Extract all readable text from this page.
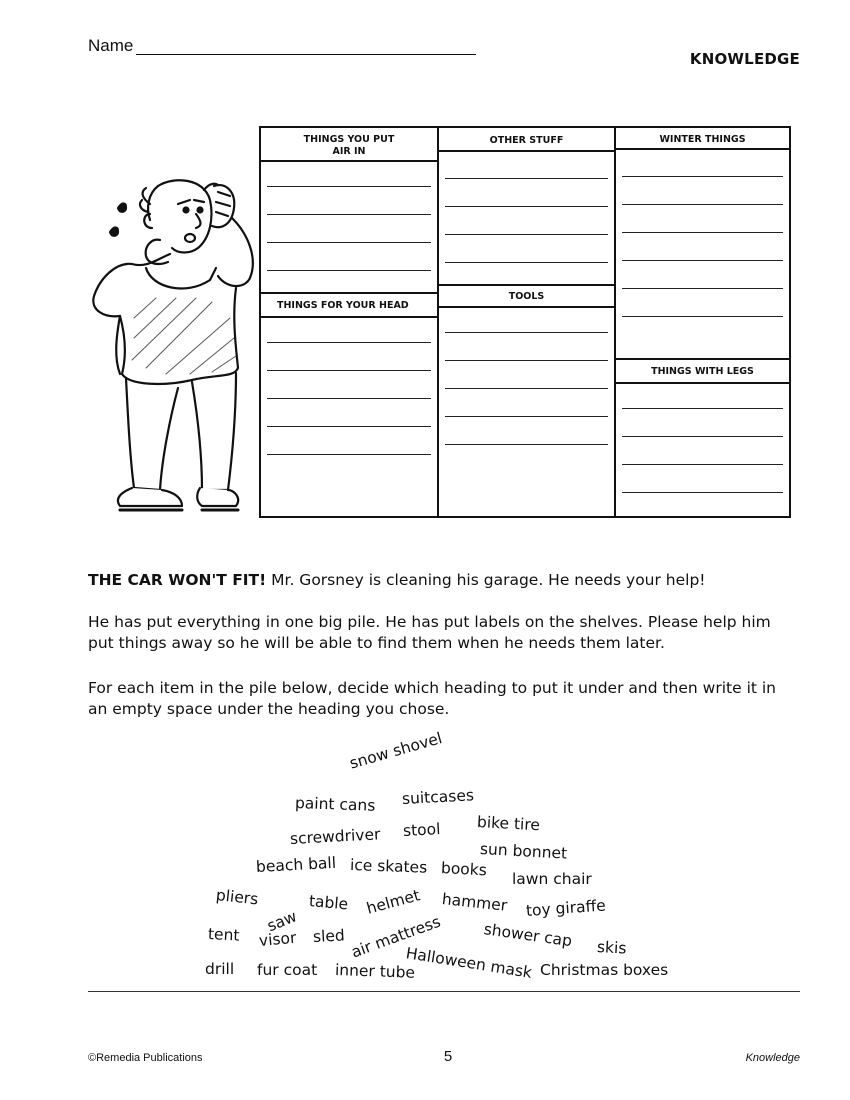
Name
KNOWLEDGE
THINGS YOU PUT
AIR IN
THINGS FOR YOUR HEAD
OTHER STUFF
TOOLS
WINTER THINGS
THINGS WITH LEGS
THE CAR WON'T FIT! Mr. Gorsney is cleaning his garage. He needs your help!
He has put everything in one big pile. He has put labels on the shelves. Please help him put things away so he will be able to find them when he needs them later.
For each item in the pile below, decide which heading to put it under and then write it in an empty space under the heading you chose.
snow shovel
paint cans suitcases
bike tire
screwdriver stool
sun bonnet
beach ball ice skates books lawn chair
pliers	table helmet hammer toy giraffe
saw
tent visor sled air mattress	shower cap skis
Halloween mask
drill fur coat inner tube	Christmas boxes
©Remedia Publications	5	Knowledge
